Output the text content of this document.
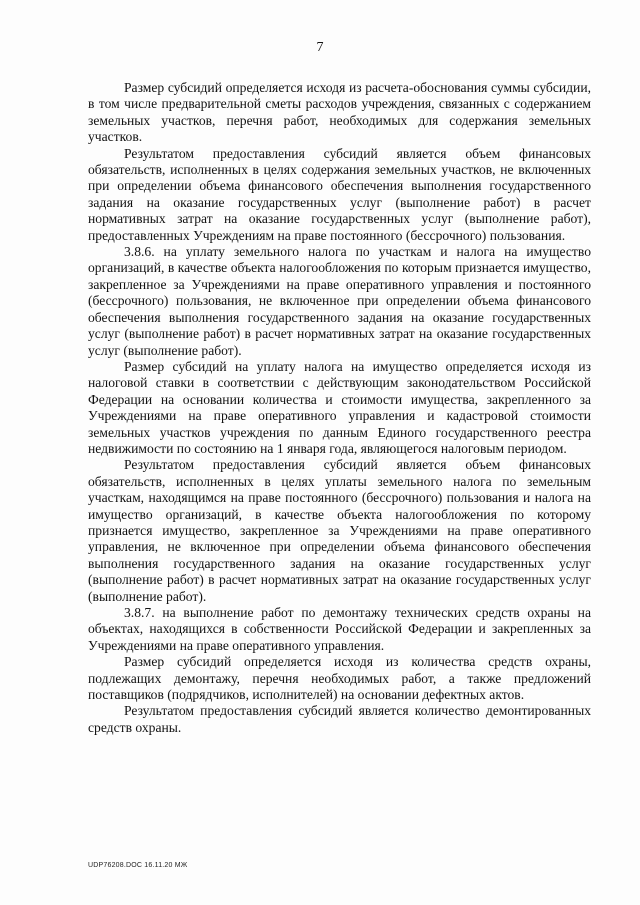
7

Размер субсидий определяется исходя из расчета-обоснования суммы субсидии, в том числе предварительной сметы расходов учреждения, связанных с содержанием земельных участков, перечня работ, необходимых для содержания земельных участков.

Результатом предоставления субсидий является объем финансовых обязательств, исполненных в целях содержания земельных участков, не включенных при определении объема финансового обеспечения выполнения государственного задания на оказание государственных услуг (выполнение работ) в расчет нормативных затрат на оказание государственных услуг (выполнение работ), предоставленных Учреждениям на праве постоянного (бессрочного) пользования.

3.8.6. на уплату земельного налога по участкам и налога на имущество организаций, в качестве объекта налогообложения по которым признается имущество, закрепленное за Учреждениями на праве оперативного управления и постоянного (бессрочного) пользования, не включенное при определении объема финансового обеспечения выполнения государственного задания на оказание государственных услуг (выполнение работ) в расчет нормативных затрат на оказание государственных услуг (выполнение работ).

Размер субсидий на уплату налога на имущество определяется исходя из налоговой ставки в соответствии с действующим законодательством Российской Федерации на основании количества и стоимости имущества, закрепленного за Учреждениями на праве оперативного управления и кадастровой стоимости земельных участков учреждения по данным Единого государственного реестра недвижимости по состоянию на 1 января года, являющегося налоговым периодом.

Результатом предоставления субсидий является объем финансовых обязательств, исполненных в целях уплаты земельного налога по земельным участкам, находящимся на праве постоянного (бессрочного) пользования и налога на имущество организаций, в качестве объекта налогообложения по которому признается имущество, закрепленное за Учреждениями на праве оперативного управления, не включенное при определении объема финансового обеспечения выполнения государственного задания на оказание государственных услуг (выполнение работ) в расчет нормативных затрат на оказание государственных услуг (выполнение работ).

3.8.7. на выполнение работ по демонтажу технических средств охраны на объектах, находящихся в собственности Российской Федерации и закрепленных за Учреждениями на праве оперативного управления.

Размер субсидий определяется исходя из количества средств охраны, подлежащих демонтажу, перечня необходимых работ, а также предложений поставщиков (подрядчиков, исполнителей) на основании дефектных актов.

Результатом предоставления субсидий является количество демонтированных средств охраны.

UDP76208.DOC 16.11.20 МЖ
